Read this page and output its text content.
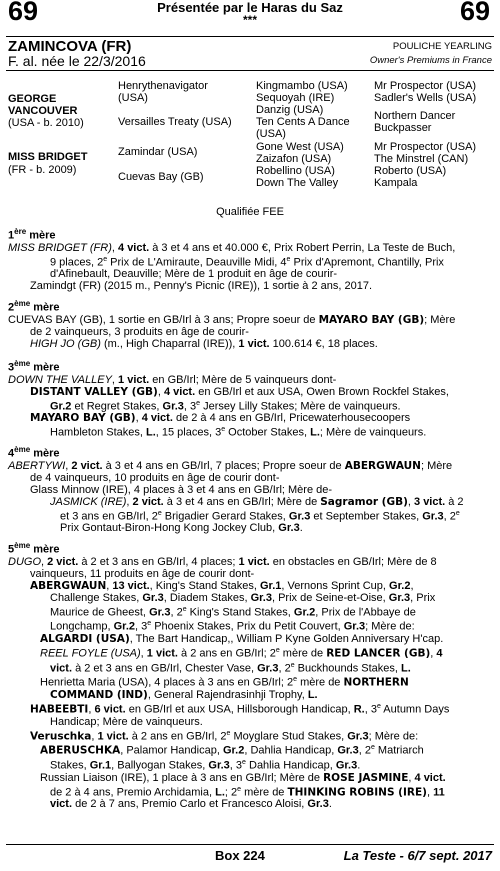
69	69
Présentée par le Haras du Saz
***
ZAMINCOVA (FR)
F. al. née le 22/3/2016
POULICHE YEARLING
Owner's Premiums in France
GEORGE VANCOUVER
(USA - b. 2010)
MISS BRIDGET
(FR - b. 2009)
Henrythenavigator (USA)
Versailles Treaty (USA)
Zamindar (USA)
Cuevas Bay (GB)
Kingmambo (USA)
Sequoyah (IRE)
Danzig (USA)
Ten Cents A Dance (USA)
Gone West (USA)
Zaizafon (USA)
Robellino (USA)
Down The Valley
Mr Prospector (USA)
Sadler's Wells (USA)
Northern Dancer
Buckpasser
Mr Prospector (USA)
The Minstrel (CAN)
Roberto (USA)
Kampala
Qualifiée FEE

1ère mère

MISS BRIDGET (FR), 4 vict. à 3 et 4 ans et 40.000 €, Prix Robert Perrin, La Teste de Buch,

9 places, 2e Prix de L'Amiraute, Deauville Midi, 4e Prix d'Apremont, Chantilly, Prix

d'Afinebault, Deauville; Mère de 1 produit en âge de courir-

Zamindgt (FR) (2015 m., Penny's Picnic (IRE)), 1 sortie à 2 ans, 2017.

2ème mère

CUEVAS BAY (GB), 1 sortie en GB/Irl à 3 ans; Propre soeur de MAYARO BAY (GB); Mère

de 2 vainqueurs, 3 produits en âge de courir-

HIGH JO (GB) (m., High Chaparral (IRE)), 1 vict. 100.614 €, 18 places.

3ème mère

DOWN THE VALLEY, 1 vict. en GB/Irl; Mère de 5 vainqueurs dont-

DISTANT VALLEY (GB), 4 vict. en GB/Irl et aux USA, Owen Brown Rockfel Stakes,

Gr.2 et Regret Stakes, Gr.3, 3e Jersey Lilly Stakes; Mère de vainqueurs.

MAYARO BAY (GB), 4 vict. de 2 à 4 ans en GB/Irl, Pricewaterhousecoopers

Hambleton Stakes, L., 15 places, 3e October Stakes, L.; Mère de vainqueurs.

4ème mère

ABERTYWI, 2 vict. à 3 et 4 ans en GB/Irl, 7 places; Propre soeur de ABERGWAUN; Mère

de 4 vainqueurs, 10 produits en âge de courir dont-

Glass Minnow (IRE), 4 places à 3 et 4 ans en GB/Irl; Mère de-

JASMICK (IRE), 2 vict. à 3 et 4 ans en GB/Irl; Mère de Sagramor (GB), 3 vict. à 2

et 3 ans en GB/Irl, 2e Brigadier Gerard Stakes, Gr.3 et September Stakes, Gr.3, 2e

Prix Gontaut-Biron-Hong Kong Jockey Club, Gr.3.

5ème mère

DUGO, 2 vict. à 2 et 3 ans en GB/Irl, 4 places; 1 vict. en obstacles en GB/Irl; Mère de 8

vainqueurs, 11 produits en âge de courir dont-

ABERGWAUN, 13 vict., King's Stand Stakes, Gr.1, Vernons Sprint Cup, Gr.2,

Challenge Stakes, Gr.3, Diadem Stakes, Gr.3, Prix de Seine-et-Oise, Gr.3, Prix

Maurice de Gheest, Gr.3, 2e King's Stand Stakes, Gr.2, Prix de l'Abbaye de

Longchamp, Gr.2, 3e Phoenix Stakes, Prix du Petit Couvert, Gr.3; Mère de:

ALGARDI (USA), The Bart Handicap,, William P Kyne Golden Anniversary H'cap.

REEL FOYLE (USA), 1 vict. à 2 ans en GB/Irl; 2e mère de RED LANCER (GB), 4

vict. à 2 et 3 ans en GB/Irl, Chester Vase, Gr.3, 2e Buckhounds Stakes, L.

Henrietta Maria (USA), 4 places à 3 ans en GB/Irl; 2e mère de NORTHERN

COMMAND (IND), General Rajendrasinhji Trophy, L.

HABEEBTI, 6 vict. en GB/Irl et aux USA, Hillsborough Handicap, R., 3e Autumn Days

Handicap; Mère de vainqueurs.

Veruschka, 1 vict. à 2 ans en GB/Irl, 2e Moyglare Stud Stakes, Gr.3; Mère de:

ABERUSCHKA, Palamor Handicap, Gr.2, Dahlia Handicap, Gr.3, 2e Matriarch

Stakes, Gr.1, Ballyogan Stakes, Gr.3, 3e Dahlia Handicap, Gr.3.

Russian Liaison (IRE), 1 place à 3 ans en GB/Irl; Mère de ROSE JASMINE, 4 vict.

de 2 à 4 ans, Premio Archidamia, L.; 2e mère de THINKING ROBINS (IRE), 11

vict. de 2 à 7 ans, Premio Carlo et Francesco Aloisi, Gr.3.

Box 224	La Teste - 6/7 sept. 2017
